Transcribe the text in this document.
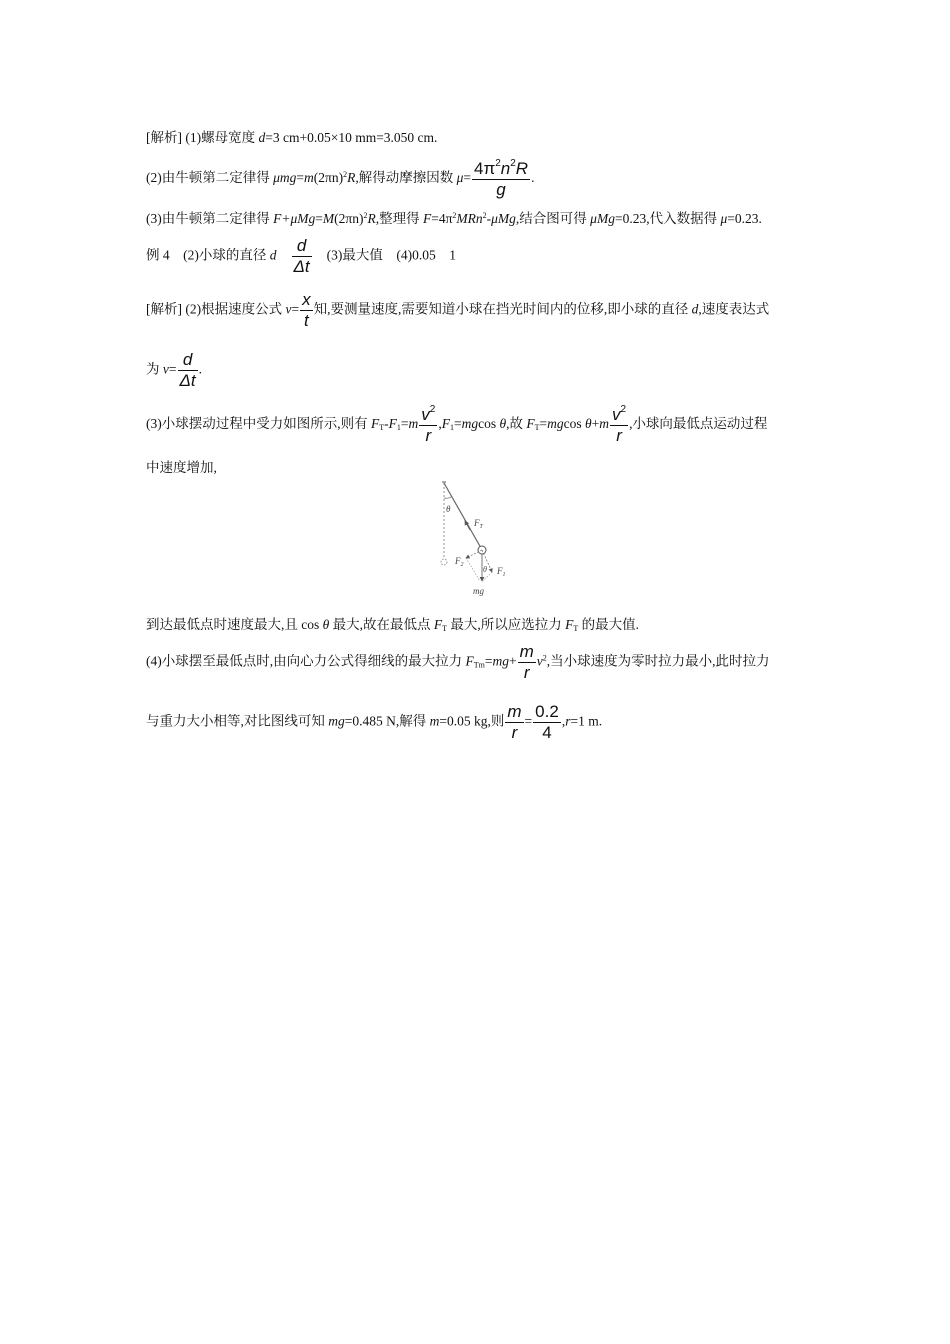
[解析] (1)螺母宽度 d=3 cm+0.05×10 mm=3.050 cm.
(2)由牛顿第二定律得 $\mu mg=m(2\pi n)^2R$,解得动摩擦因数 $\mu= \frac{4\pi^2n^2R}{g}$ .
(3)由牛顿第二定律得 $F+\mu Mg=M(2\pi n)^2R$,整理得 $F=4\pi^2MRn^2$-μMg,结合图可得 μMg=0.23,代入数据得 μ=0.23.
例 4　(2)小球的直径 d $\frac{d}{\Delta t} (3)$最大值　(4)0.05　1
[解析] (2)根据速度公式 $v= \frac{x}{t}$ 知,要测量速度,需要知道小球在挡光时间内的位移,即小球的直径 d,速度表达式
为 $v= \frac{d}{\Delta t}$ .
(3)小球摆动过程中受力如图所示,则有 $F_T-F_1=m \frac{v^2}{r} ,F_1=mgcos$ θ,故 $F_T=mgcos$ $\theta+m \frac{v^2}{r}$ ,小球向最低点运动过程
中速度增加,
θ
$F_T$
$F_2$
$F_1$
θ
mg
到达最低点时速度最大,且 cos θ 最大,故在最低点 $F_T$ 最大,所以应选拉力 $F_T$ 的最大值.
(4)小球摆至最低点时,由向心力公式得细线的最大拉力 $F_{Tm}=mg+ \frac{m}{r} v^2$,当小球速度为零时拉力最小,此时拉力
与重力大小相等,对比图线可知 mg=0.485 N,解得 m=0.05 kg,则 $\frac{m}{r} = \frac{0.2}{4} ,r=1$ m.
